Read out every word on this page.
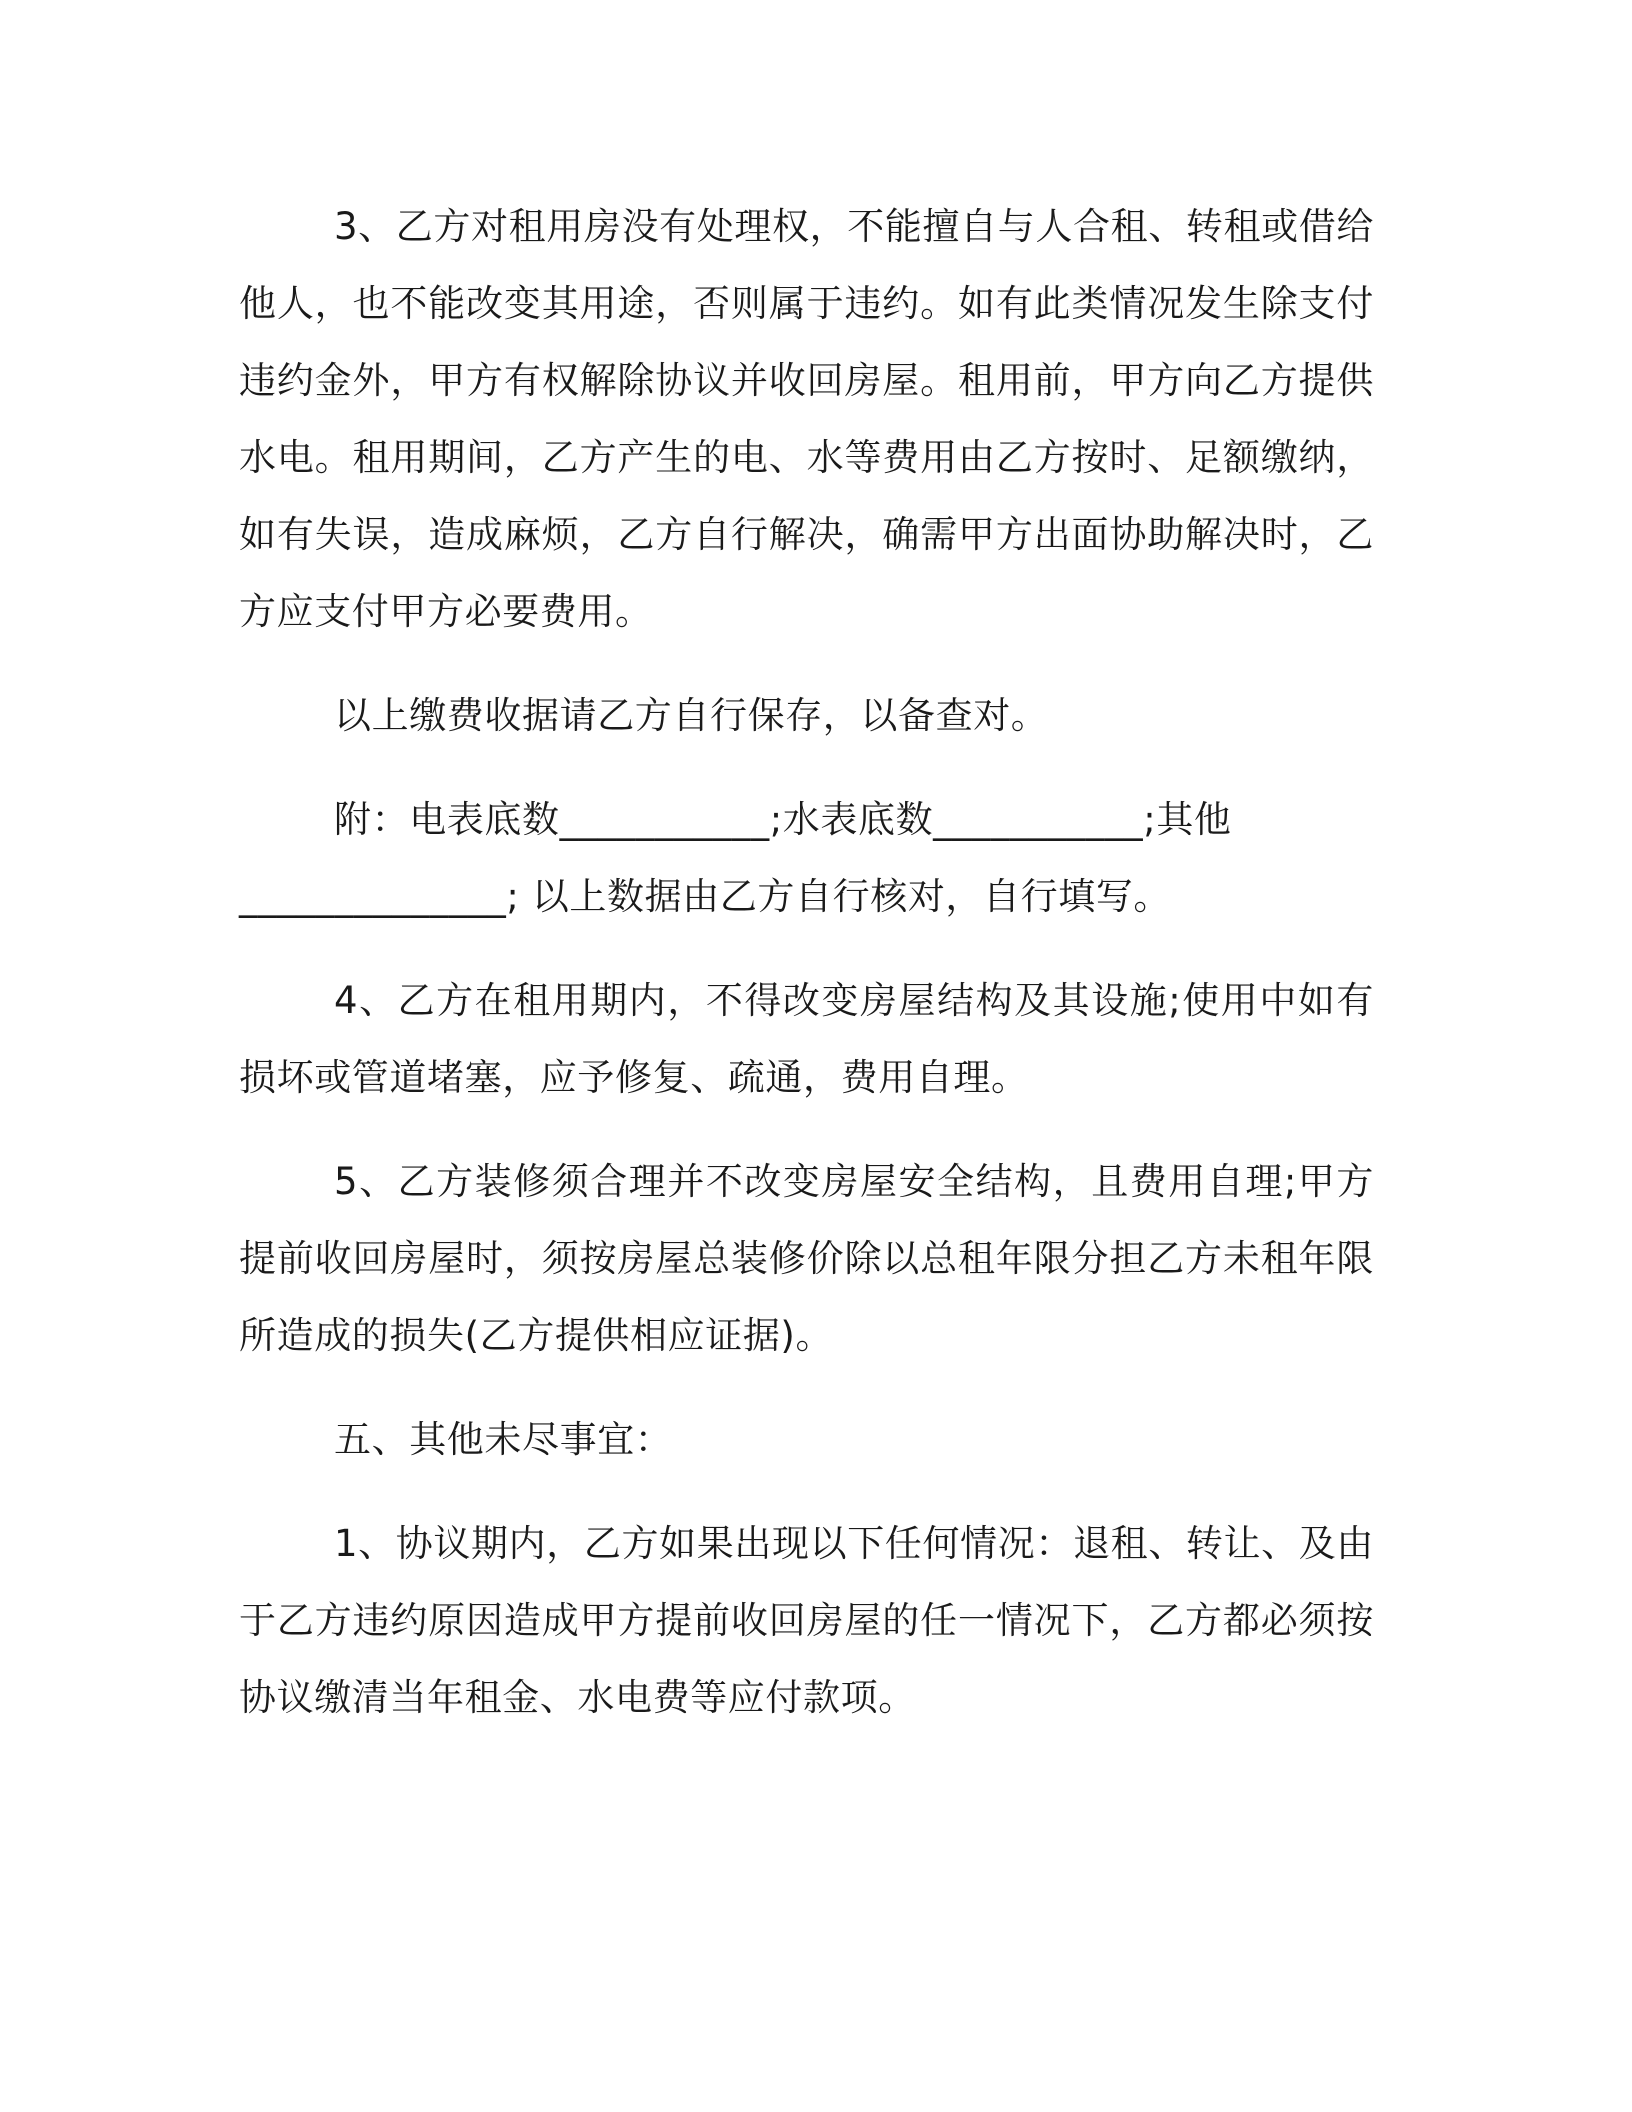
3、乙方对租用房没有处理权，不能擅自与人合租、转租或借给他人，也不能改变其用途，否则属于违约。如有此类情况发生除支付违约金外，甲方有权解除协议并收回房屋。租用前，甲方向乙方提供水电。租用期间，乙方产生的电、水等费用由乙方按时、足额缴纳，如有失误，造成麻烦，乙方自行解决，确需甲方出面协助解决时，乙方应支付甲方必要费用。

以上缴费收据请乙方自行保存，以备查对。

附：电表底数___________;水表底数___________;其他

______________; 以上数据由乙方自行核对，自行填写。

4、乙方在租用期内，不得改变房屋结构及其设施;使用中如有损坏或管道堵塞，应予修复、疏通，费用自理。

5、乙方装修须合理并不改变房屋安全结构，且费用自理;甲方提前收回房屋时，须按房屋总装修价除以总租年限分担乙方未租年限所造成的损失(乙方提供相应证据)。

五、其他未尽事宜：

1、协议期内，乙方如果出现以下任何情况：退租、转让、及由于乙方违约原因造成甲方提前收回房屋的任一情况下，乙方都必须按协议缴清当年租金、水电费等应付款项。
